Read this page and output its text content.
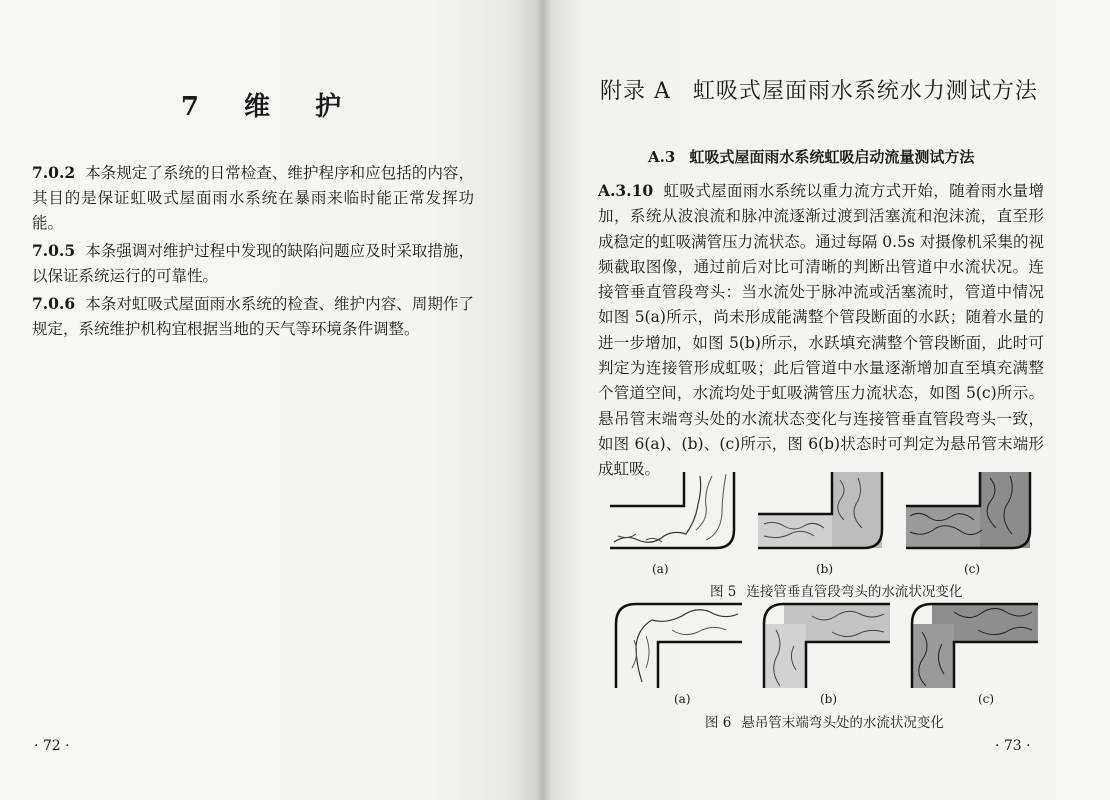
7 维 护

7.0.2 本条规定了系统的日常检查、维护程序和应包括的内容，其目的是保证虹吸式屋面雨水系统在暴雨来临时能正常发挥功能。

7.0.5 本条强调对维护过程中发现的缺陷问题应及时采取措施，以保证系统运行的可靠性。

7.0.6 本条对虹吸式屋面雨水系统的检查、维护内容、周期作了规定，系统维护机构宜根据当地的天气等环境条件调整。

· 72 ·
附录 A 虹吸式屋面雨水系统水力测试方法
A.3 虹吸式屋面雨水系统虹吸启动流量测试方法
A.3.10 虹吸式屋面雨水系统以重力流方式开始，随着雨水量增加，系统从波浪流和脉冲流逐渐过渡到活塞流和泡沫流，直至形成稳定的虹吸满管压力流状态。通过每隔 0.5s 对摄像机采集的视频截取图像，通过前后对比可清晰的判断出管道中水流状况。连接管垂直管段弯头：当水流处于脉冲流或活塞流时，管道中情况如图 5(a)所示，尚未形成能满整个管段断面的水跃；随着水量的进一步增加，如图 5(b)所示，水跃填充满整个管段断面，此时可判定为连接管形成虹吸；此后管道中水量逐渐增加直至填充满整个管道空间，水流均处于虹吸满管压力流状态，如图 5(c)所示。悬吊管末端弯头处的水流状态变化与连接管垂直管段弯头一致，如图 6(a)、(b)、(c)所示，图 6(b)状态时可判定为悬吊管末端形成虹吸。
(a)	(b)	(c)
图 5 连接管垂直管段弯头的水流状况变化
(a)	(b)	(c)
图 6 悬吊管末端弯头处的水流状况变化
· 73 ·
